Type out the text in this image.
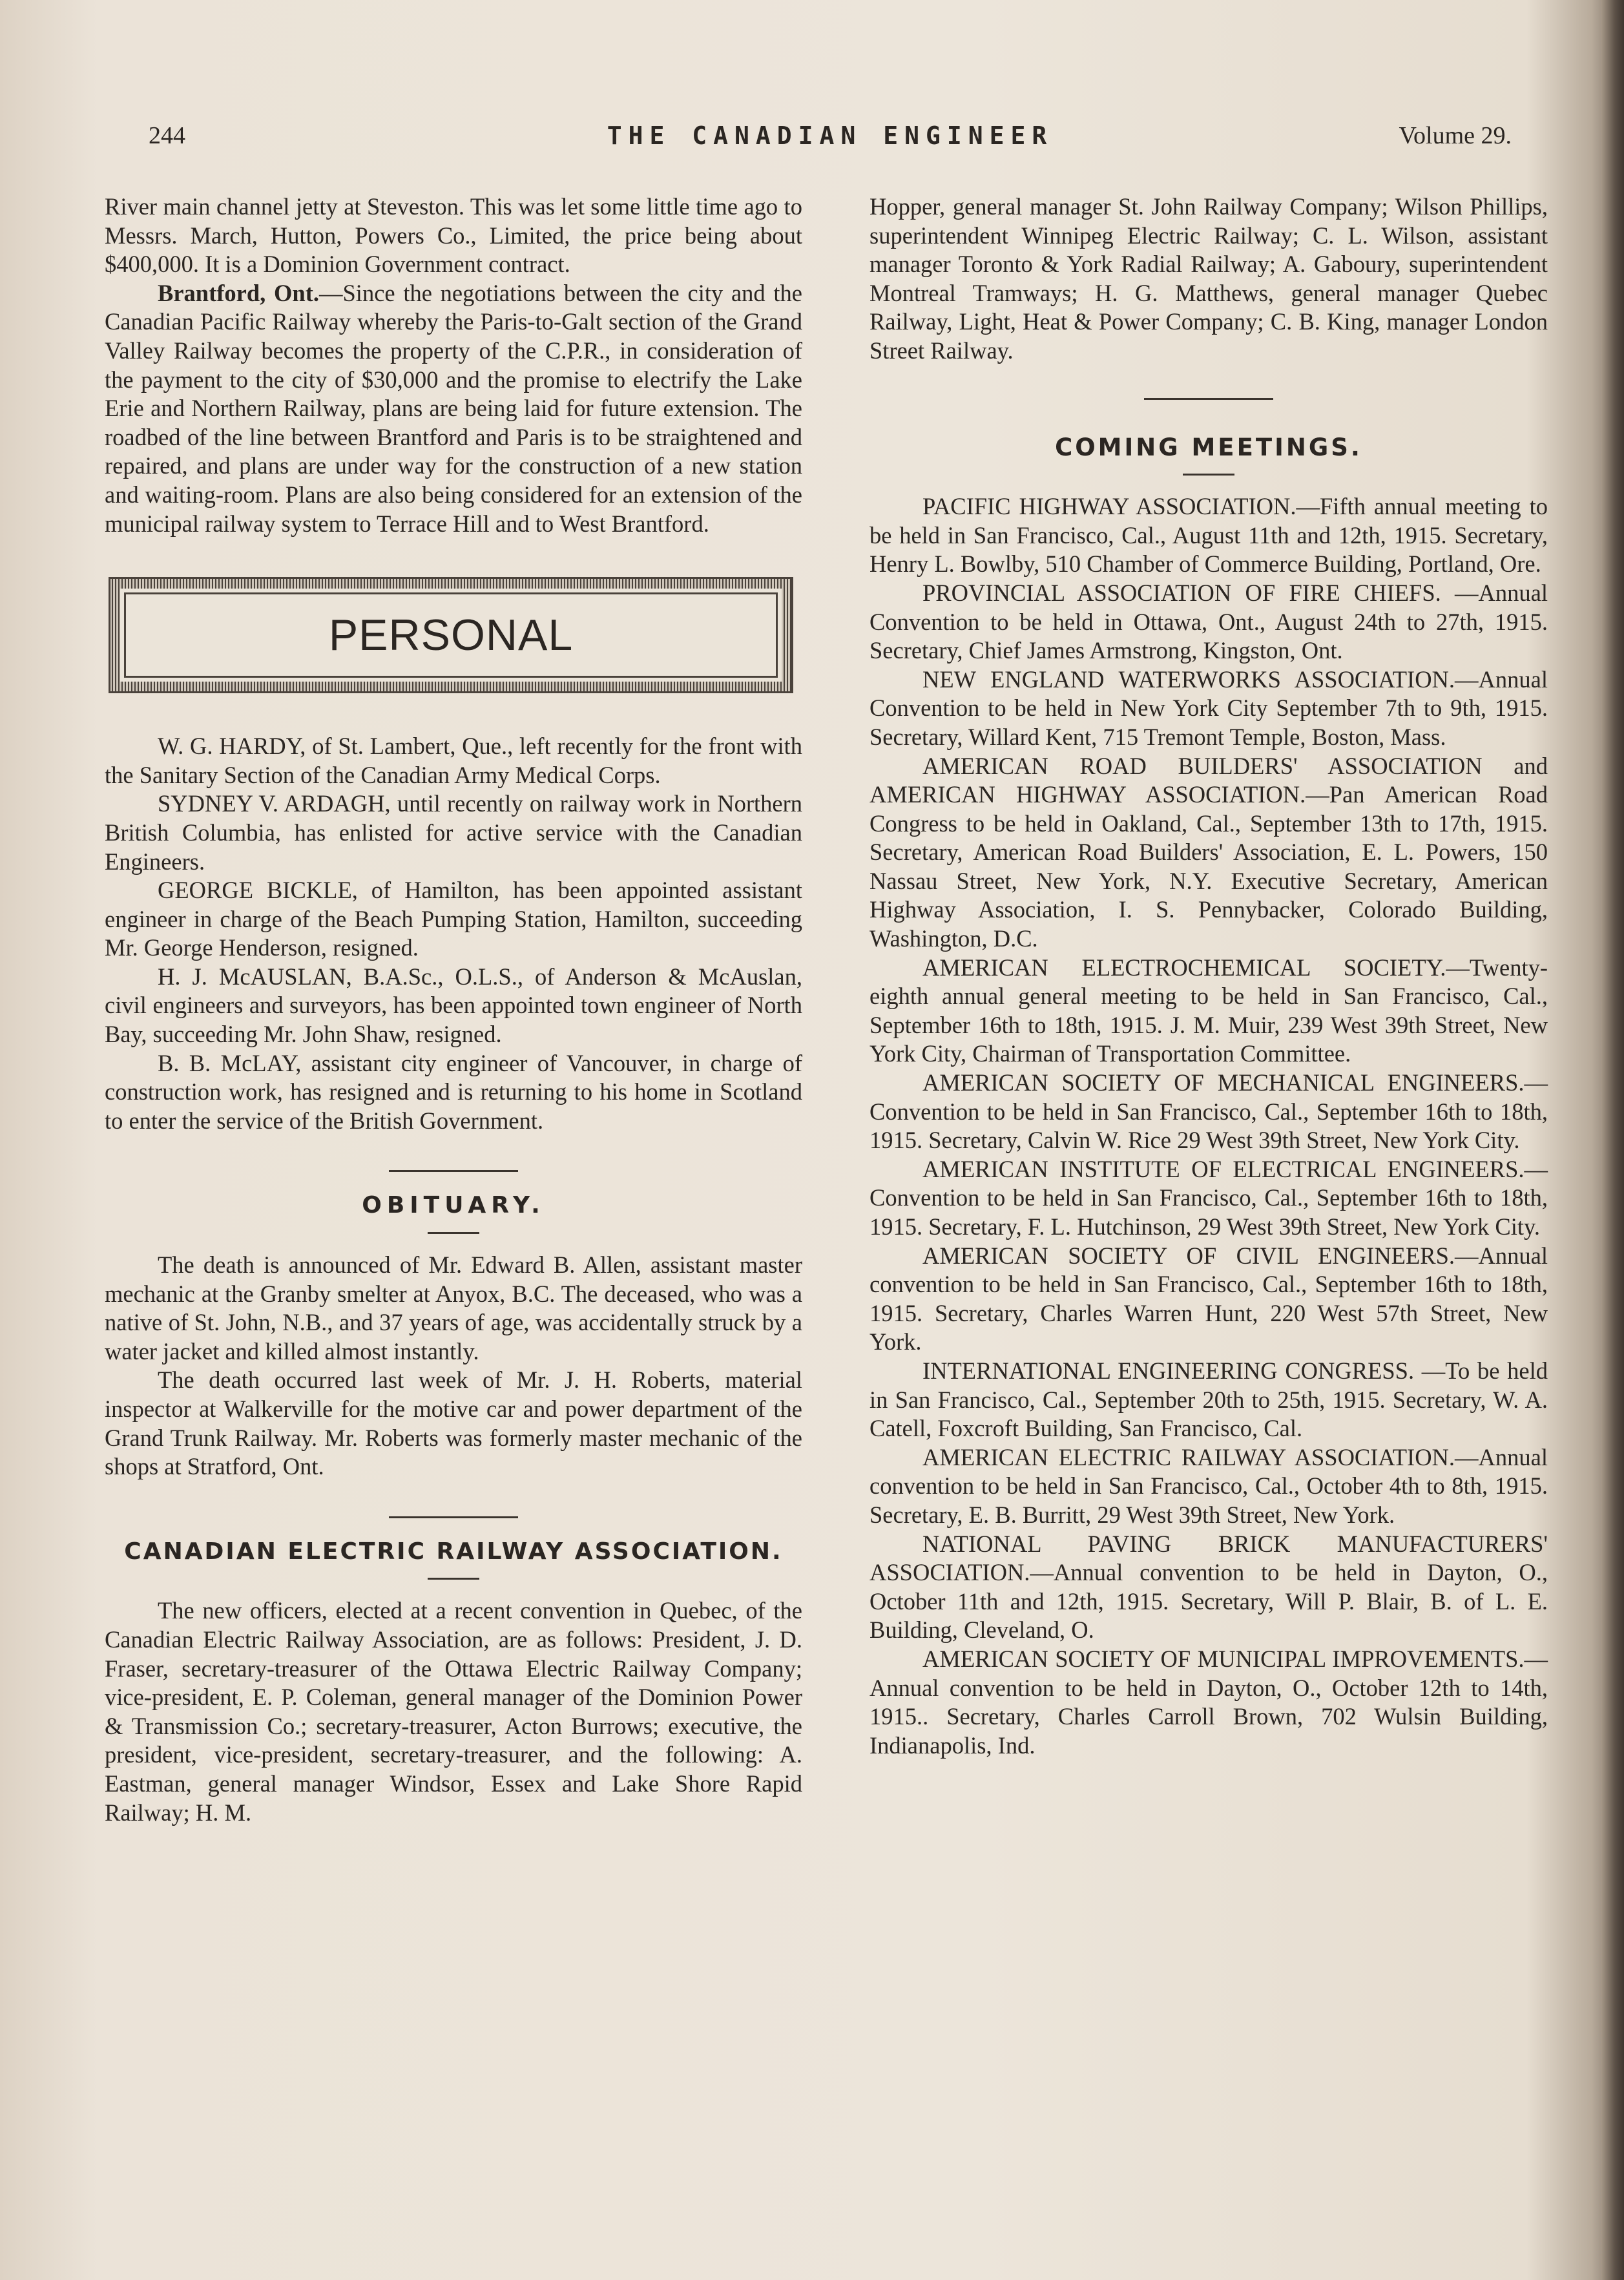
244	THE CANADIAN ENGINEER	Volume 29.

River main channel jetty at Steveston. This was let some little time ago to Messrs. March, Hutton, Powers Co., Limited, the price being about $400,000. It is a Dominion Government contract.

Brantford, Ont.—Since the negotiations between the city and the Canadian Pacific Railway whereby the Paris-to-Galt section of the Grand Valley Railway becomes the property of the C.P.R., in consideration of the payment to the city of $30,000 and the promise to electrify the Lake Erie and Northern Railway, plans are being laid for future extension. The roadbed of the line between Brantford and Paris is to be straightened and repaired, and plans are under way for the construction of a new station and waiting-room. Plans are also being considered for an extension of the municipal railway system to Terrace Hill and to West Brantford.

PERSONAL

W. G. HARDY, of St. Lambert, Que., left recently for the front with the Sanitary Section of the Canadian Army Medical Corps.

SYDNEY V. ARDAGH, until recently on railway work in Northern British Columbia, has enlisted for active service with the Canadian Engineers.

GEORGE BICKLE, of Hamilton, has been appointed assistant engineer in charge of the Beach Pumping Station, Hamilton, succeeding Mr. George Henderson, resigned.

H. J. McAUSLAN, B.A.Sc., O.L.S., of Anderson & McAuslan, civil engineers and surveyors, has been appointed town engineer of North Bay, succeeding Mr. John Shaw, resigned.

B. B. McLAY, assistant city engineer of Vancouver, in charge of construction work, has resigned and is returning to his home in Scotland to enter the service of the British Government.

OBITUARY.

The death is announced of Mr. Edward B. Allen, assistant master mechanic at the Granby smelter at Anyox, B.C. The deceased, who was a native of St. John, N.B., and 37 years of age, was accidentally struck by a water jacket and killed almost instantly.

The death occurred last week of Mr. J. H. Roberts, material inspector at Walkerville for the motive car and power department of the Grand Trunk Railway. Mr. Roberts was formerly master mechanic of the shops at Stratford, Ont.

CANADIAN ELECTRIC RAILWAY ASSOCIATION.

The new officers, elected at a recent convention in Quebec, of the Canadian Electric Railway Association, are as follows: President, J. D. Fraser, secretary-treasurer of the Ottawa Electric Railway Company; vice-president, E. P. Coleman, general manager of the Dominion Power & Transmission Co.; secretary-treasurer, Acton Burrows; executive, the president, vice-president, secretary-treasurer, and the following: A. Eastman, general manager Windsor, Essex and Lake Shore Rapid Railway; H. M.

Hopper, general manager St. John Railway Company; Wilson Phillips, superintendent Winnipeg Electric Railway; C. L. Wilson, assistant manager Toronto & York Radial Railway; A. Gaboury, superintendent Montreal Tramways; H. G. Matthews, general manager Quebec Railway, Light, Heat & Power Company; C. B. King, manager London Street Railway.

COMING MEETINGS.

PACIFIC HIGHWAY ASSOCIATION.—Fifth annual meeting to be held in San Francisco, Cal., August 11th and 12th, 1915. Secretary, Henry L. Bowlby, 510 Chamber of Commerce Building, Portland, Ore.

PROVINCIAL ASSOCIATION OF FIRE CHIEFS. —Annual Convention to be held in Ottawa, Ont., August 24th to 27th, 1915. Secretary, Chief James Armstrong, Kingston, Ont.

NEW ENGLAND WATERWORKS ASSOCIATION.—Annual Convention to be held in New York City September 7th to 9th, 1915. Secretary, Willard Kent, 715 Tremont Temple, Boston, Mass.

AMERICAN ROAD BUILDERS' ASSOCIATION and AMERICAN HIGHWAY ASSOCIATION.—Pan American Road Congress to be held in Oakland, Cal., September 13th to 17th, 1915. Secretary, American Road Builders' Association, E. L. Powers, 150 Nassau Street, New York, N.Y. Executive Secretary, American Highway Association, I. S. Pennybacker, Colorado Building, Washington, D.C.

AMERICAN ELECTROCHEMICAL SOCIETY.—Twenty-eighth annual general meeting to be held in San Francisco, Cal., September 16th to 18th, 1915. J. M. Muir, 239 West 39th Street, New York City, Chairman of Transportation Committee.

AMERICAN SOCIETY OF MECHANICAL ENGINEERS.—Convention to be held in San Francisco, Cal., September 16th to 18th, 1915. Secretary, Calvin W. Rice 29 West 39th Street, New York City.

AMERICAN INSTITUTE OF ELECTRICAL ENGINEERS.—Convention to be held in San Francisco, Cal., September 16th to 18th, 1915. Secretary, F. L. Hutchinson, 29 West 39th Street, New York City.

AMERICAN SOCIETY OF CIVIL ENGINEERS.—Annual convention to be held in San Francisco, Cal., September 16th to 18th, 1915. Secretary, Charles Warren Hunt, 220 West 57th Street, New York.

INTERNATIONAL ENGINEERING CONGRESS. —To be held in San Francisco, Cal., September 20th to 25th, 1915. Secretary, W. A. Catell, Foxcroft Building, San Francisco, Cal.

AMERICAN ELECTRIC RAILWAY ASSOCIATION.—Annual convention to be held in San Francisco, Cal., October 4th to 8th, 1915. Secretary, E. B. Burritt, 29 West 39th Street, New York.

NATIONAL PAVING BRICK MANUFACTURERS' ASSOCIATION.—Annual convention to be held in Dayton, O., October 11th and 12th, 1915. Secretary, Will P. Blair, B. of L. E. Building, Cleveland, O.

AMERICAN SOCIETY OF MUNICIPAL IMPROVEMENTS.—Annual convention to be held in Dayton, O., October 12th to 14th, 1915.. Secretary, Charles Carroll Brown, 702 Wulsin Building, Indianapolis, Ind.
